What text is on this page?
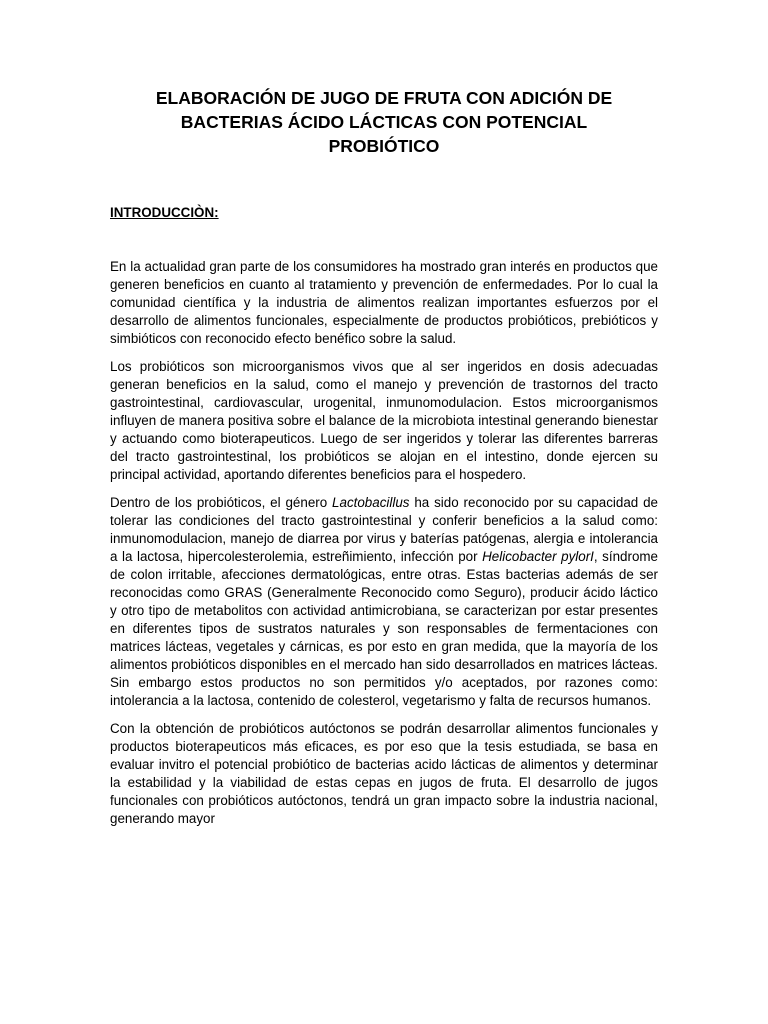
ELABORACIÓN DE JUGO DE FRUTA CON ADICIÓN DE
BACTERIAS ÁCIDO LÁCTICAS CON POTENCIAL
PROBIÓTICO
INTRODUCCIÒN:

En la actualidad gran parte de los consumidores ha mostrado gran interés en productos que generen beneficios en cuanto al tratamiento y prevención de enfermedades. Por lo cual la comunidad científica y la industria de alimentos realizan importantes esfuerzos por el desarrollo de alimentos funcionales, especialmente de productos probióticos, prebióticos y simbióticos con reconocido efecto benéfico sobre la salud.

Los probióticos son microorganismos vivos que al ser ingeridos en dosis adecuadas generan beneficios en la salud, como el manejo y prevención de trastornos del tracto gastrointestinal, cardiovascular, urogenital, inmunomodulacion. Estos microorganismos influyen de manera positiva sobre el balance de la microbiota intestinal generando bienestar y actuando como bioterapeuticos. Luego de ser ingeridos y tolerar las diferentes barreras del tracto gastrointestinal, los probióticos se alojan en el intestino, donde ejercen su principal actividad, aportando diferentes beneficios para el hospedero.

Dentro de los probióticos, el género Lactobacillus ha sido reconocido por su capacidad de tolerar las condiciones del tracto gastrointestinal y conferir beneficios a la salud como: inmunomodulacion, manejo de diarrea por virus y baterías patógenas, alergia e intolerancia a la lactosa, hipercolesterolemia, estreñimiento, infección por Helicobacter pylorI, síndrome de colon irritable, afecciones dermatológicas, entre otras. Estas bacterias además de ser reconocidas como GRAS (Generalmente Reconocido como Seguro), producir ácido láctico y otro tipo de metabolitos con actividad antimicrobiana, se caracterizan por estar presentes en diferentes tipos de sustratos naturales y son responsables de fermentaciones con matrices lácteas, vegetales y cárnicas, es por esto en gran medida, que la mayoría de los alimentos probióticos disponibles en el mercado han sido desarrollados en matrices lácteas. Sin embargo estos productos no son permitidos y/o aceptados, por razones como: intolerancia a la lactosa, contenido de colesterol, vegetarismo y falta de recursos humanos.

Con la obtención de probióticos autóctonos se podrán desarrollar alimentos funcionales y productos bioterapeuticos más eficaces, es por eso que la tesis estudiada, se basa en evaluar invitro el potencial probiótico de bacterias acido lácticas de alimentos y determinar la estabilidad y la viabilidad de estas cepas en jugos de fruta. El desarrollo de jugos funcionales con probióticos autóctonos, tendrá un gran impacto sobre la industria nacional, generando mayor
